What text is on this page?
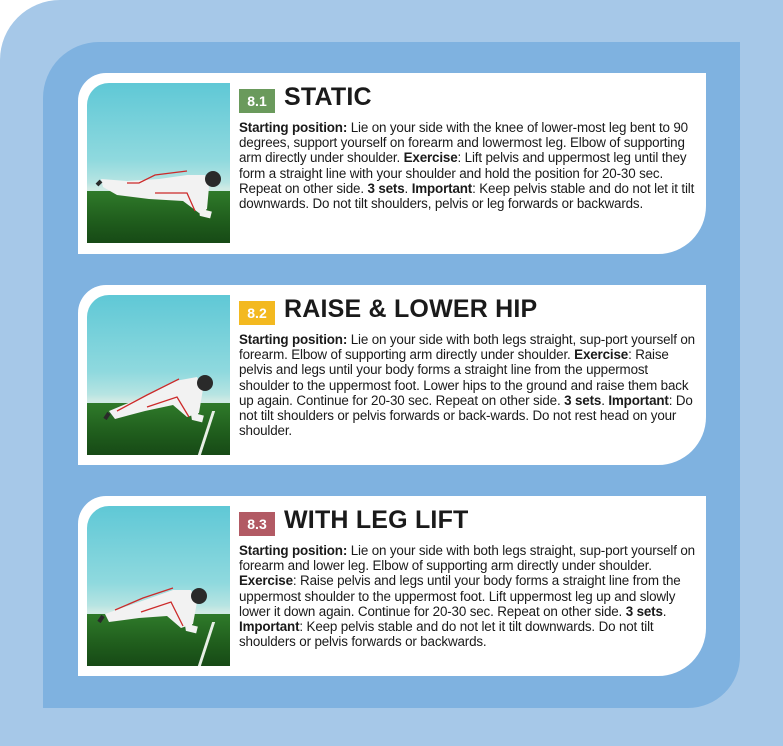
8.1 STATIC
Starting position: Lie on your side with the knee of lower-most leg bent to 90 degrees, support yourself on forearm and lowermost leg. Elbow of supporting arm directly under shoulder. Exercise: Lift pelvis and uppermost leg until they form a straight line with your shoulder and hold the position for 20-30 sec. Repeat on other side. 3 sets. Important: Keep pelvis stable and do not let it tilt downwards. Do not tilt shoulders, pelvis or leg forwards or backwards.
8.2 RAISE & LOWER HIP
Starting position: Lie on your side with both legs straight, sup-port yourself on forearm. Elbow of supporting arm directly under shoulder. Exercise: Raise pelvis and legs until your body forms a straight line from the uppermost shoulder to the uppermost foot. Lower hips to the ground and raise them back up again. Continue for 20-30 sec. Repeat on other side. 3 sets. Important: Do not tilt shoulders or pelvis forwards or back-wards. Do not rest head on your shoulder.
8.3 WITH LEG LIFT
Starting position: Lie on your side with both legs straight, sup-port yourself on forearm and lower leg. Elbow of supporting arm directly under shoulder. Exercise: Raise pelvis and legs until your body forms a straight line from the uppermost shoulder to the uppermost foot. Lift uppermost leg up and slowly lower it down again. Continue for 20-30 sec. Repeat on other side. 3 sets. Important: Keep pelvis stable and do not let it tilt downwards. Do not tilt shoulders or pelvis forwards or backwards.
